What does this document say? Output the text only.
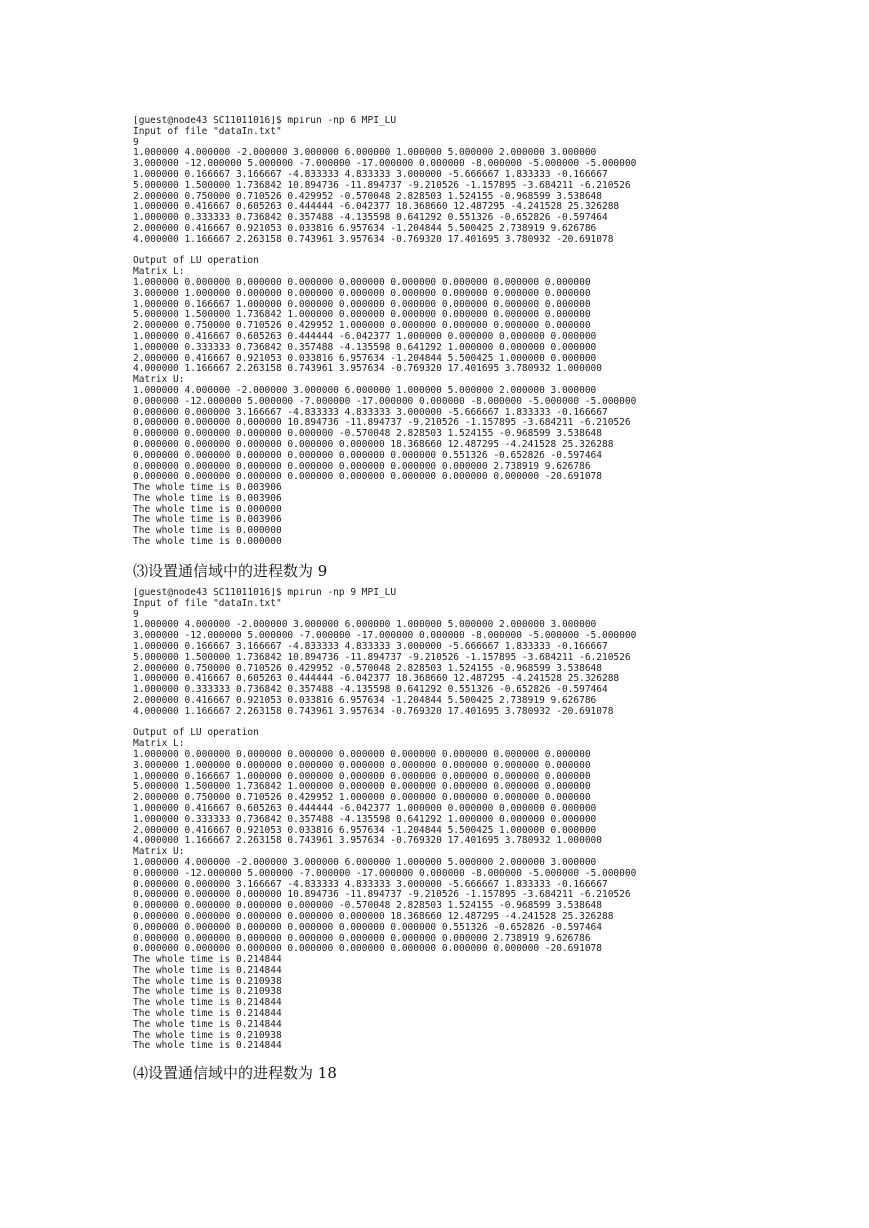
[guest@node43 SC11011016]$ mpirun -np 6 MPI_LU
Input of file "dataIn.txt"
9
1.000000 4.000000 -2.000000 3.000000 6.000000 1.000000 5.000000 2.000000 3.000000
3.000000 -12.000000 5.000000 -7.000000 -17.000000 0.000000 -8.000000 -5.000000 -5.000000
1.000000 0.166667 3.166667 -4.833333 4.833333 3.000000 -5.666667 1.833333 -0.166667
5.000000 1.500000 1.736842 10.894736 -11.894737 -9.210526 -1.157895 -3.684211 -6.210526
2.000000 0.750000 0.710526 0.429952 -0.570048 2.828503 1.524155 -0.968599 3.538648
1.000000 0.416667 0.605263 0.444444 -6.042377 18.368660 12.487295 -4.241528 25.326288
1.000000 0.333333 0.736842 0.357488 -4.135598 0.641292 0.551326 -0.652826 -0.597464
2.000000 0.416667 0.921053 0.033816 6.957634 -1.204844 5.500425 2.738919 9.626786
4.000000 1.166667 2.263158 0.743961 3.957634 -0.769320 17.401695 3.780932 -20.691078
Output of LU operation
Matrix L:
1.000000 0.000000 0.000000 0.000000 0.000000 0.000000 0.000000 0.000000 0.000000
3.000000 1.000000 0.000000 0.000000 0.000000 0.000000 0.000000 0.000000 0.000000
1.000000 0.166667 1.000000 0.000000 0.000000 0.000000 0.000000 0.000000 0.000000
5.000000 1.500000 1.736842 1.000000 0.000000 0.000000 0.000000 0.000000 0.000000
2.000000 0.750000 0.710526 0.429952 1.000000 0.000000 0.000000 0.000000 0.000000
1.000000 0.416667 0.605263 0.444444 -6.042377 1.000000 0.000000 0.000000 0.000000
1.000000 0.333333 0.736842 0.357488 -4.135598 0.641292 1.000000 0.000000 0.000000
2.000000 0.416667 0.921053 0.033816 6.957634 -1.204844 5.500425 1.000000 0.000000
4.000000 1.166667 2.263158 0.743961 3.957634 -0.769320 17.401695 3.780932 1.000000
Matrix U:
1.000000 4.000000 -2.000000 3.000000 6.000000 1.000000 5.000000 2.000000 3.000000
0.000000 -12.000000 5.000000 -7.000000 -17.000000 0.000000 -8.000000 -5.000000 -5.000000
0.000000 0.000000 3.166667 -4.833333 4.833333 3.000000 -5.666667 1.833333 -0.166667
0.000000 0.000000 0.000000 10.894736 -11.894737 -9.210526 -1.157895 -3.684211 -6.210526
0.000000 0.000000 0.000000 0.000000 -0.570048 2.828503 1.524155 -0.968599 3.538648
0.000000 0.000000 0.000000 0.000000 0.000000 18.368660 12.487295 -4.241528 25.326288
0.000000 0.000000 0.000000 0.000000 0.000000 0.000000 0.551326 -0.652826 -0.597464
0.000000 0.000000 0.000000 0.000000 0.000000 0.000000 0.000000 2.738919 9.626786
0.000000 0.000000 0.000000 0.000000 0.000000 0.000000 0.000000 0.000000 -20.691078
The whole time is 0.003906
The whole time is 0.003906
The whole time is 0.000000
The whole time is 0.003906
The whole time is 0.000000
The whole time is 0.000000

⑶设置通信域中的进程数为 9

[guest@node43 SC11011016]$ mpirun -np 9 MPI_LU
Input of file "dataIn.txt"
9
1.000000 4.000000 -2.000000 3.000000 6.000000 1.000000 5.000000 2.000000 3.000000
3.000000 -12.000000 5.000000 -7.000000 -17.000000 0.000000 -8.000000 -5.000000 -5.000000
1.000000 0.166667 3.166667 -4.833333 4.833333 3.000000 -5.666667 1.833333 -0.166667
5.000000 1.500000 1.736842 10.894736 -11.894737 -9.210526 -1.157895 -3.684211 -6.210526
2.000000 0.750000 0.710526 0.429952 -0.570048 2.828503 1.524155 -0.968599 3.538648
1.000000 0.416667 0.605263 0.444444 -6.042377 18.368660 12.487295 -4.241528 25.326288
1.000000 0.333333 0.736842 0.357488 -4.135598 0.641292 0.551326 -0.652826 -0.597464
2.000000 0.416667 0.921053 0.033816 6.957634 -1.204844 5.500425 2.738919 9.626786
4.000000 1.166667 2.263158 0.743961 3.957634 -0.769320 17.401695 3.780932 -20.691078
Output of LU operation
Matrix L:
1.000000 0.000000 0.000000 0.000000 0.000000 0.000000 0.000000 0.000000 0.000000
3.000000 1.000000 0.000000 0.000000 0.000000 0.000000 0.000000 0.000000 0.000000
1.000000 0.166667 1.000000 0.000000 0.000000 0.000000 0.000000 0.000000 0.000000
5.000000 1.500000 1.736842 1.000000 0.000000 0.000000 0.000000 0.000000 0.000000
2.000000 0.750000 0.710526 0.429952 1.000000 0.000000 0.000000 0.000000 0.000000
1.000000 0.416667 0.605263 0.444444 -6.042377 1.000000 0.000000 0.000000 0.000000
1.000000 0.333333 0.736842 0.357488 -4.135598 0.641292 1.000000 0.000000 0.000000
2.000000 0.416667 0.921053 0.033816 6.957634 -1.204844 5.500425 1.000000 0.000000
4.000000 1.166667 2.263158 0.743961 3.957634 -0.769320 17.401695 3.780932 1.000000
Matrix U:
1.000000 4.000000 -2.000000 3.000000 6.000000 1.000000 5.000000 2.000000 3.000000
0.000000 -12.000000 5.000000 -7.000000 -17.000000 0.000000 -8.000000 -5.000000 -5.000000
0.000000 0.000000 3.166667 -4.833333 4.833333 3.000000 -5.666667 1.833333 -0.166667
0.000000 0.000000 0.000000 10.894736 -11.894737 -9.210526 -1.157895 -3.684211 -6.210526
0.000000 0.000000 0.000000 0.000000 -0.570048 2.828503 1.524155 -0.968599 3.538648
0.000000 0.000000 0.000000 0.000000 0.000000 18.368660 12.487295 -4.241528 25.326288
0.000000 0.000000 0.000000 0.000000 0.000000 0.000000 0.551326 -0.652826 -0.597464
0.000000 0.000000 0.000000 0.000000 0.000000 0.000000 0.000000 2.738919 9.626786
0.000000 0.000000 0.000000 0.000000 0.000000 0.000000 0.000000 0.000000 -20.691078
The whole time is 0.214844
The whole time is 0.214844
The whole time is 0.210938
The whole time is 0.210938
The whole time is 0.214844
The whole time is 0.214844
The whole time is 0.214844
The whole time is 0.210938
The whole time is 0.214844

⑷设置通信域中的进程数为 18
